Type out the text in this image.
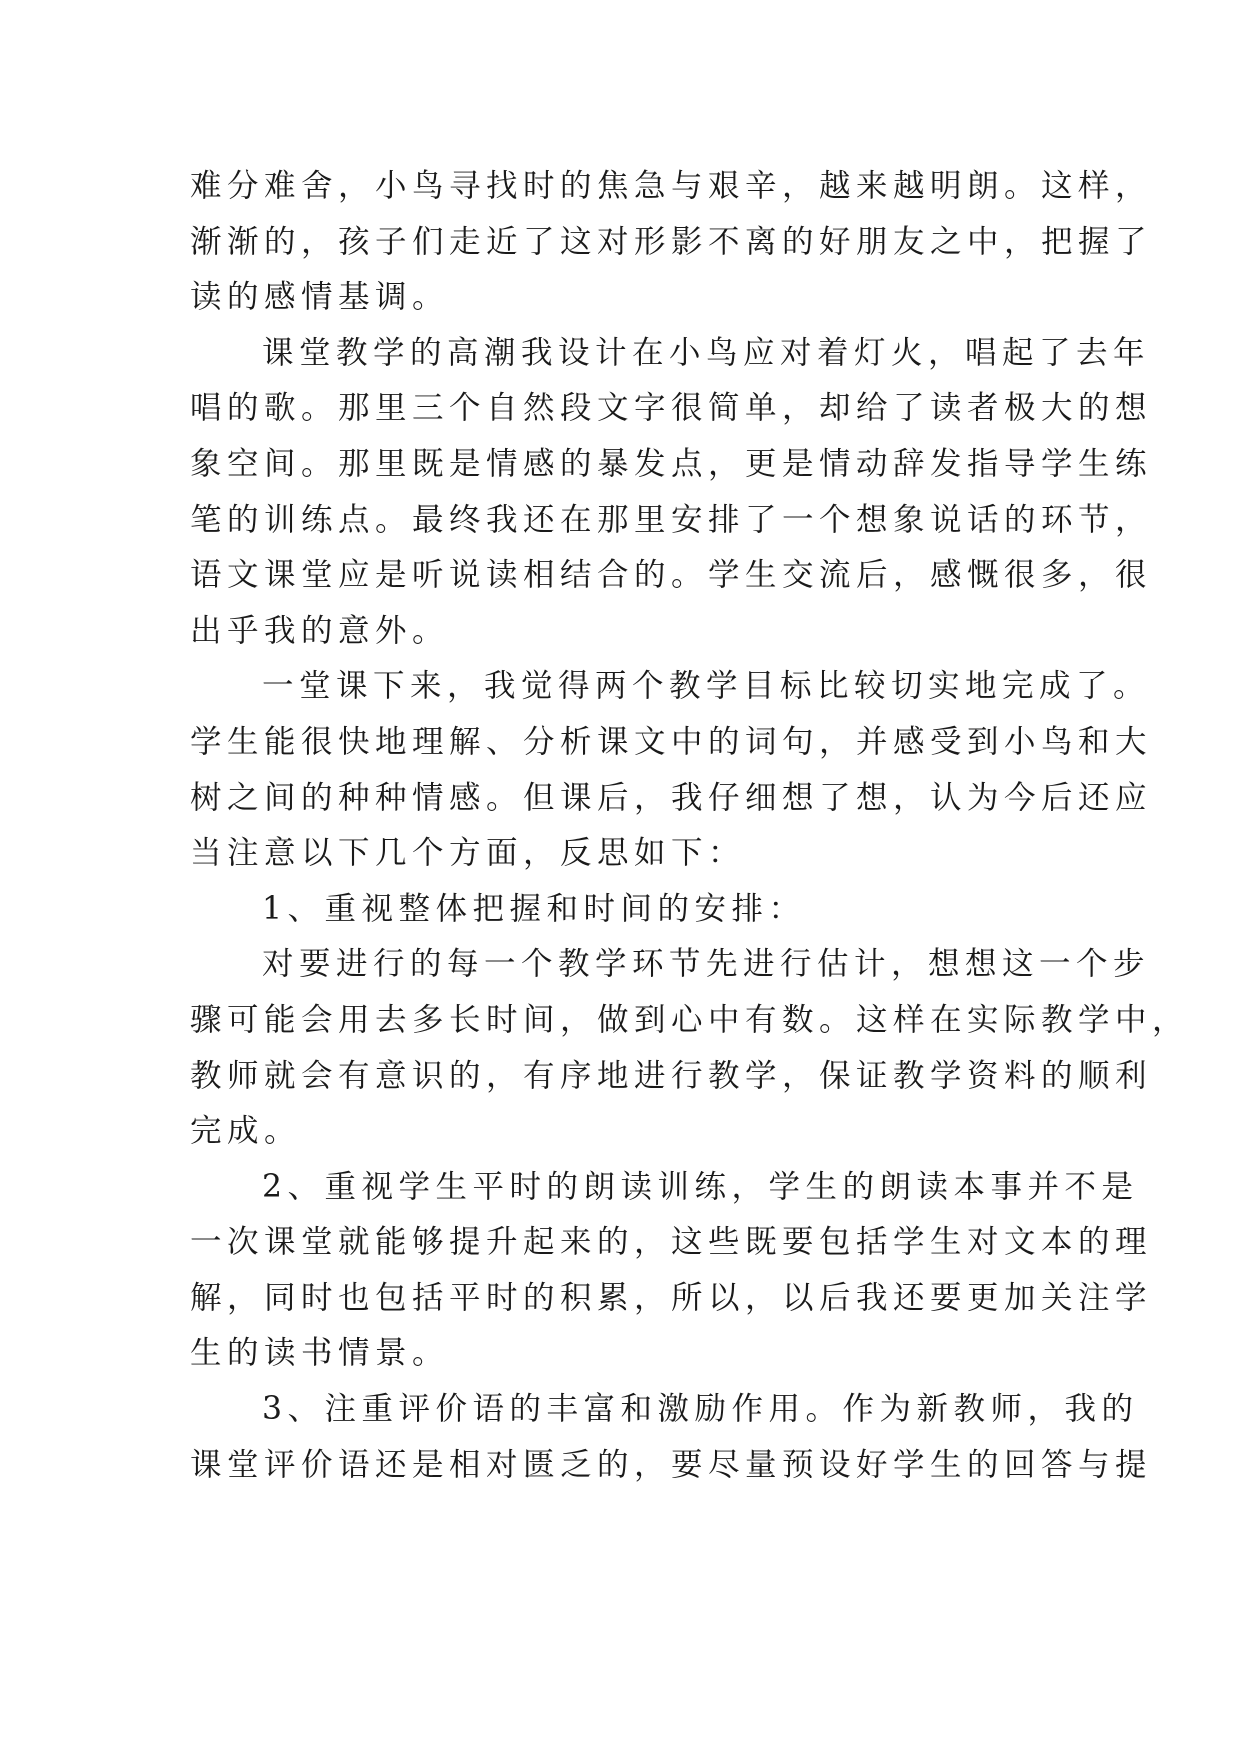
难分难舍，小鸟寻找时的焦急与艰辛，越来越明朗。这样，
渐渐的，孩子们走近了这对形影不离的好朋友之中，把握了
读的感情基调。
课堂教学的高潮我设计在小鸟应对着灯火，唱起了去年
唱的歌。那里三个自然段文字很简单，却给了读者极大的想
象空间。那里既是情感的暴发点，更是情动辞发指导学生练
笔的训练点。最终我还在那里安排了一个想象说话的环节，
语文课堂应是听说读相结合的。学生交流后，感慨很多，很
出乎我的意外。
一堂课下来，我觉得两个教学目标比较切实地完成了。
学生能很快地理解、分析课文中的词句，并感受到小鸟和大
树之间的种种情感。但课后，我仔细想了想，认为今后还应
当注意以下几个方面，反思如下：
1、重视整体把握和时间的安排：
对要进行的每一个教学环节先进行估计，想想这一个步
骤可能会用去多长时间，做到心中有数。这样在实际教学中，
教师就会有意识的，有序地进行教学，保证教学资料的顺利
完成。
2、重视学生平时的朗读训练，学生的朗读本事并不是
一次课堂就能够提升起来的，这些既要包括学生对文本的理
解，同时也包括平时的积累，所以，以后我还要更加关注学
生的读书情景。
3、注重评价语的丰富和激励作用。作为新教师，我的
课堂评价语还是相对匮乏的，要尽量预设好学生的回答与提
